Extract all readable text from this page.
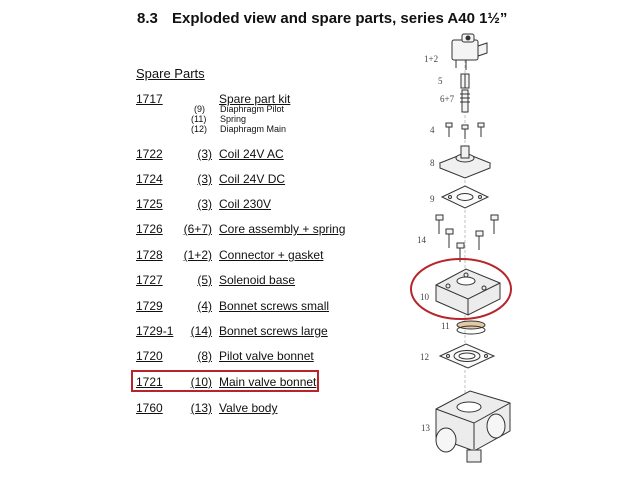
8.3 Exploded view and spare parts, series A40 1½”
Spare Parts
1717	Spare part kit
(9) Diaphragm Pilot
(11) Spring
(12) Diaphragm Main
1722	(3) Coil 24V AC
1724	(3) Coil 24V DC
1725	(3) Coil 230V
1726	(6+7) Core assembly + spring
1728	(1+2) Connector + gasket
1727	(5) Solenoid base
1729	(4) Bonnet screws small
1729-1	(14) Bonnet screws large
1720	(8) Pilot valve bonnet
1721	(10) Main valve bonnet
1760	(13) Valve body
1+2
5
6+7
4
8
9
14
10
11
12
13
